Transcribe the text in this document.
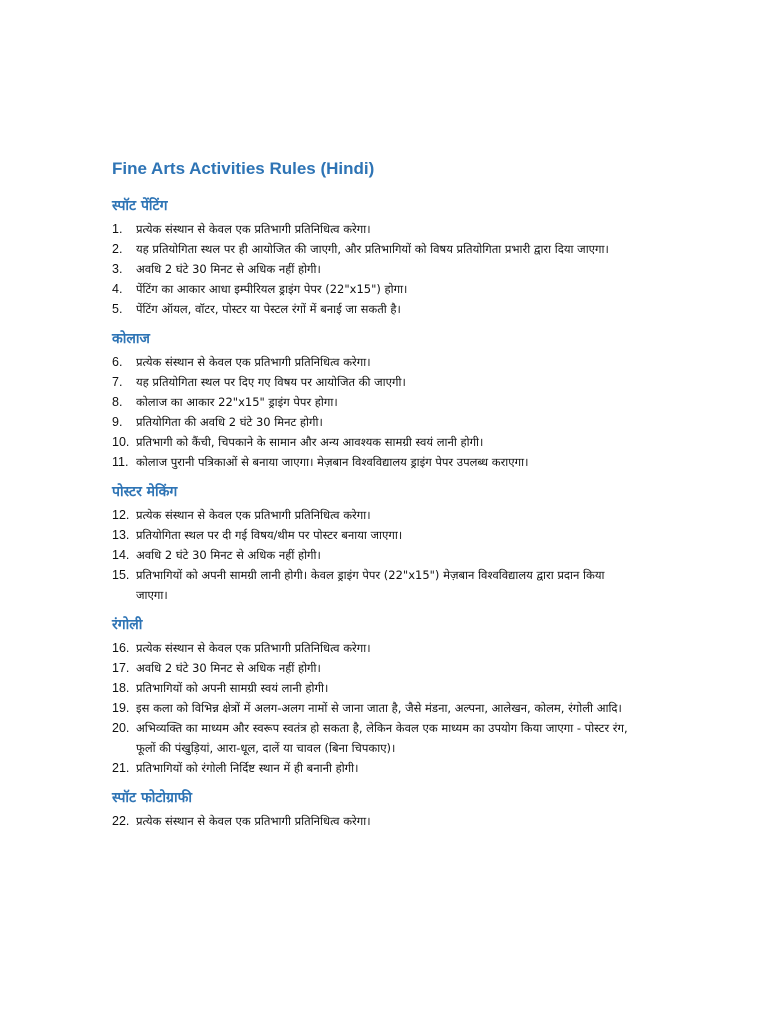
Fine Arts Activities Rules (Hindi)
स्पॉट पेंटिंग
1.	प्रत्येक संस्थान से केवल एक प्रतिभागी प्रतिनिधित्व करेगा।
2.	यह प्रतियोगिता स्थल पर ही आयोजित की जाएगी, और प्रतिभागियों को विषय प्रतियोगिता प्रभारी द्वारा दिया जाएगा।
3.	अवधि 2 घंटे 30 मिनट से अधिक नहीं होगी।
4.	पेंटिंग का आकार आधा इम्पीरियल ड्राइंग पेपर (22"x15") होगा।
5.	पेंटिंग ऑयल, वॉटर, पोस्टर या पेस्टल रंगों में बनाई जा सकती है।
कोलाज
6.	प्रत्येक संस्थान से केवल एक प्रतिभागी प्रतिनिधित्व करेगा।
7.	यह प्रतियोगिता स्थल पर दिए गए विषय पर आयोजित की जाएगी।
8.	कोलाज का आकार 22"x15" ड्राइंग पेपर होगा।
9.	प्रतियोगिता की अवधि 2 घंटे 30 मिनट होगी।
10. प्रतिभागी को कैंची, चिपकाने के सामान और अन्य आवश्यक सामग्री स्वयं लानी होगी।
11. कोलाज पुरानी पत्रिकाओं से बनाया जाएगा। मेज़बान विश्वविद्यालय ड्राइंग पेपर उपलब्ध कराएगा।
पोस्टर मेकिंग
12. प्रत्येक संस्थान से केवल एक प्रतिभागी प्रतिनिधित्व करेगा।
13. प्रतियोगिता स्थल पर दी गई विषय/थीम पर पोस्टर बनाया जाएगा।
14. अवधि 2 घंटे 30 मिनट से अधिक नहीं होगी।
15. प्रतिभागियों को अपनी सामग्री लानी होगी। केवल ड्राइंग पेपर (22"x15") मेज़बान विश्वविद्यालय द्वारा प्रदान किया जाएगा।
रंगोली
16. प्रत्येक संस्थान से केवल एक प्रतिभागी प्रतिनिधित्व करेगा।
17. अवधि 2 घंटे 30 मिनट से अधिक नहीं होगी।
18. प्रतिभागियों को अपनी सामग्री स्वयं लानी होगी।
19. इस कला को विभिन्न क्षेत्रों में अलग-अलग नामों से जाना जाता है, जैसे मंडना, अल्पना, आलेखन, कोलम, रंगोली आदि।
20. अभिव्यक्ति का माध्यम और स्वरूप स्वतंत्र हो सकता है, लेकिन केवल एक माध्यम का उपयोग किया जाएगा - पोस्टर रंग, फूलों की पंखुड़ियां, आरा-धूल, दालें या चावल (बिना चिपकाए)।
21. प्रतिभागियों को रंगोली निर्दिष्ट स्थान में ही बनानी होगी।
स्पॉट फोटोग्राफी
22. प्रत्येक संस्थान से केवल एक प्रतिभागी प्रतिनिधित्व करेगा।
